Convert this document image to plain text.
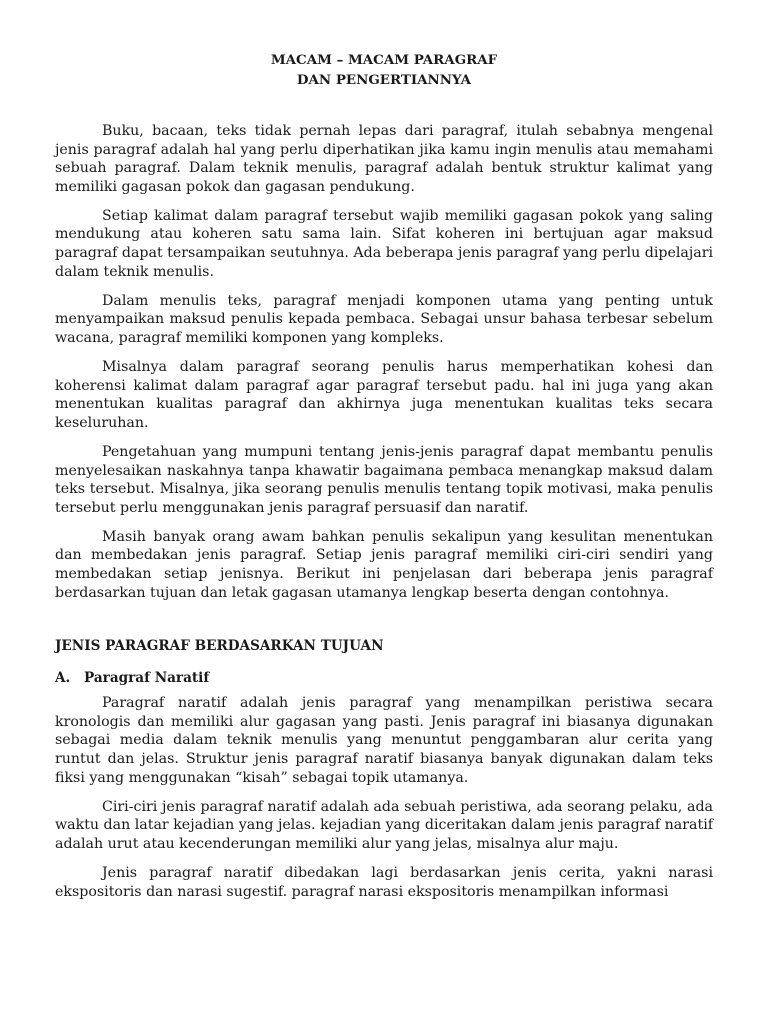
MACAM – MACAM PARAGRAF

DAN PENGERTIANNYA

Buku, bacaan, teks tidak pernah lepas dari paragraf, itulah sebabnya mengenal jenis paragraf adalah hal yang perlu diperhatikan jika kamu ingin menulis atau memahami sebuah paragraf. Dalam teknik menulis, paragraf adalah bentuk struktur kalimat yang memiliki gagasan pokok dan gagasan pendukung.

Setiap kalimat dalam paragraf tersebut wajib memiliki gagasan pokok yang saling mendukung atau koheren satu sama lain. Sifat koheren ini bertujuan agar maksud paragraf dapat tersampaikan seutuhnya. Ada beberapa jenis paragraf yang perlu dipelajari dalam teknik menulis.

Dalam menulis teks, paragraf menjadi komponen utama yang penting untuk menyampaikan maksud penulis kepada pembaca. Sebagai unsur bahasa terbesar sebelum wacana, paragraf memiliki komponen yang kompleks.

Misalnya dalam paragraf seorang penulis harus memperhatikan kohesi dan koherensi kalimat dalam paragraf agar paragraf tersebut padu. hal ini juga yang akan menentukan kualitas paragraf dan akhirnya juga menentukan kualitas teks secara keseluruhan.

Pengetahuan yang mumpuni tentang jenis-jenis paragraf dapat membantu penulis menyelesaikan naskahnya tanpa khawatir bagaimana pembaca menangkap maksud dalam teks tersebut. Misalnya, jika seorang penulis menulis tentang topik motivasi, maka penulis tersebut perlu menggunakan jenis paragraf persuasif dan naratif.

Masih banyak orang awam bahkan penulis sekalipun yang kesulitan menentukan dan membedakan jenis paragraf. Setiap jenis paragraf memiliki ciri-ciri sendiri yang membedakan setiap jenisnya. Berikut ini penjelasan dari beberapa jenis paragraf berdasarkan tujuan dan letak gagasan utamanya lengkap beserta dengan contohnya.

JENIS PARAGRAF BERDASARKAN TUJUAN
A.	Paragraf Naratif

Paragraf naratif adalah jenis paragraf yang menampilkan peristiwa secara kronologis dan memiliki alur gagasan yang pasti. Jenis paragraf ini biasanya digunakan sebagai media dalam teknik menulis yang menuntut penggambaran alur cerita yang runtut dan jelas. Struktur jenis paragraf naratif biasanya banyak digunakan dalam teks fiksi yang menggunakan “kisah” sebagai topik utamanya.

Ciri-ciri jenis paragraf naratif adalah ada sebuah peristiwa, ada seorang pelaku, ada waktu dan latar kejadian yang jelas. kejadian yang diceritakan dalam jenis paragraf naratif adalah urut atau kecenderungan memiliki alur yang jelas, misalnya alur maju.

Jenis paragraf naratif dibedakan lagi berdasarkan jenis cerita, yakni narasi ekspositoris dan narasi sugestif. paragraf narasi ekspositoris menampilkan informasi
